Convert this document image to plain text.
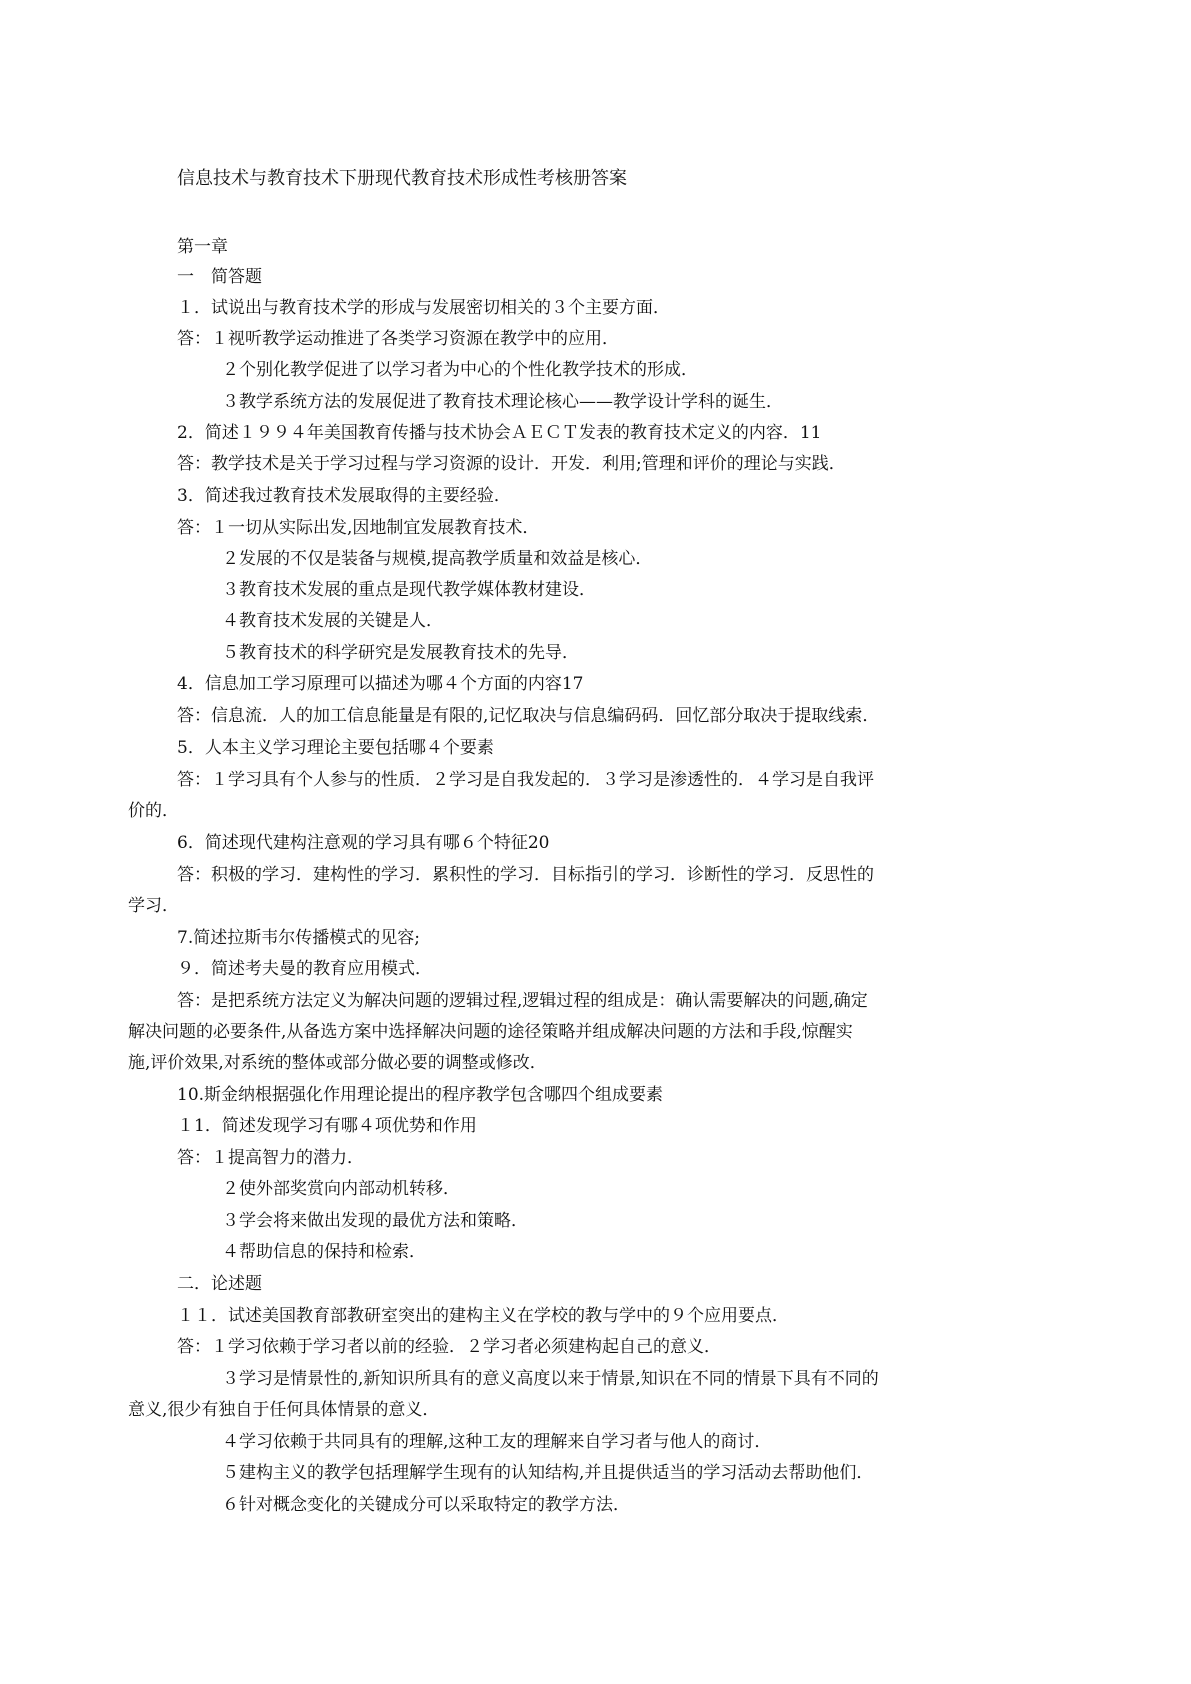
信息技术与教育技术下册现代教育技术形成性考核册答案
第一章
一　简答题
１．试说出与教育技术学的形成与发展密切相关的３个主要方面．
答：１视听教学运动推进了各类学习资源在教学中的应用．
２个别化教学促进了以学习者为中心的个性化教学技术的形成．
３教学系统方法的发展促进了教育技术理论核心——教学设计学科的诞生．
2．简述１９９４年美国教育传播与技术协会ＡＥＣＴ发表的教育技术定义的内容．11
答：教学技术是关于学习过程与学习资源的设计．开发．利用;管理和评价的理论与实践．
3．简述我过教育技术发展取得的主要经验．
答：１一切从实际出发,因地制宜发展教育技术．
２发展的不仅是装备与规模,提高教学质量和效益是核心．
３教育技术发展的重点是现代教学媒体教材建设．
４教育技术发展的关键是人．
５教育技术的科学研究是发展教育技术的先导．
4．信息加工学习原理可以描述为哪４个方面的内容17
答：信息流．人的加工信息能量是有限的,记忆取决与信息编码码．回忆部分取决于提取线索．
5．人本主义学习理论主要包括哪４个要素
答：１学习具有个人参与的性质．２学习是自我发起的．３学习是渗透性的．４学习是自我评
价的．
6．简述现代建构注意观的学习具有哪６个特征20
答：积极的学习．建构性的学习．累积性的学习．目标指引的学习．诊断性的学习．反思性的
学习．
7.简述拉斯韦尔传播模式的见容;
９．简述考夫曼的教育应用模式．
答：是把系统方法定义为解决问题的逻辑过程,逻辑过程的组成是：确认需要解决的问题,确定
解决问题的必要条件,从备选方案中选择解决问题的途径策略并组成解决问题的方法和手段,惊醒实
施,评价效果,对系统的整体或部分做必要的调整或修改．
10.斯金纳根据强化作用理论提出的程序教学包含哪四个组成要素
１1．简述发现学习有哪４项优势和作用
答：１提高智力的潜力．
２使外部奖赏向内部动机转移．
３学会将来做出发现的最优方法和策略．
４帮助信息的保持和检索．
二．论述题
１１．试述美国教育部教研室突出的建构主义在学校的教与学中的９个应用要点．
答：１学习依赖于学习者以前的经验．２学习者必须建构起自己的意义．
３学习是情景性的,新知识所具有的意义高度以来于情景,知识在不同的情景下具有不同的
意义,很少有独自于任何具体情景的意义．
４学习依赖于共同具有的理解,这种工友的理解来自学习者与他人的商讨．
５建构主义的教学包括理解学生现有的认知结构,并且提供适当的学习活动去帮助他们．
６针对概念变化的关键成分可以采取特定的教学方法．
